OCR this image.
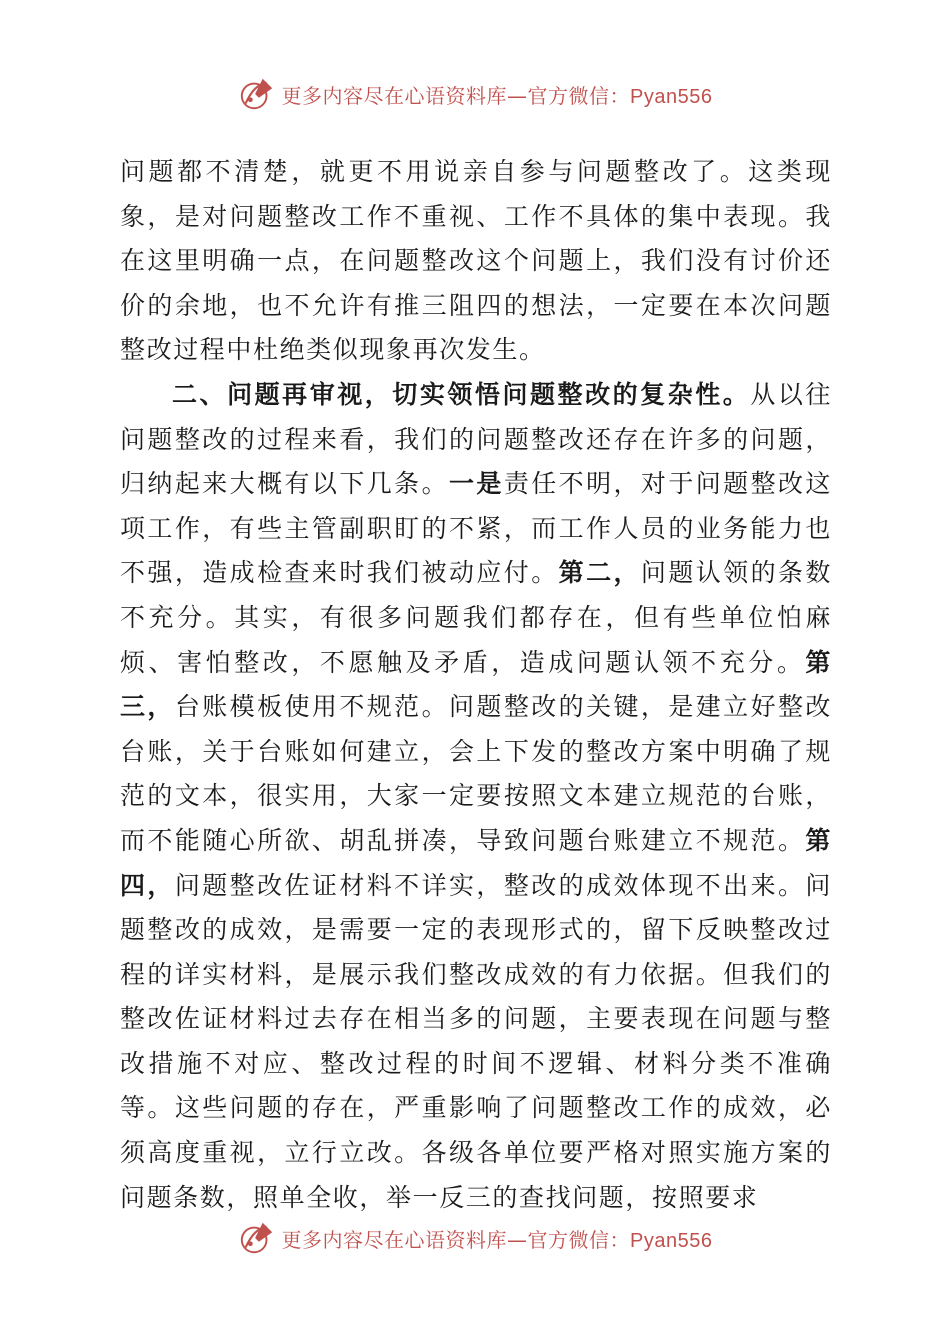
更多内容尽在心语资料库—官方微信：Pyan556

问题都不清楚，就更不用说亲自参与问题整改了。这类现象，是对问题整改工作不重视、工作不具体的集中表现。我在这里明确一点，在问题整改这个问题上，我们没有讨价还价的余地，也不允许有推三阻四的想法，一定要在本次问题整改过程中杜绝类似现象再次发生。

二、问题再审视，切实领悟问题整改的复杂性。从以往问题整改的过程来看，我们的问题整改还存在许多的问题，归纳起来大概有以下几条。一是责任不明，对于问题整改这项工作，有些主管副职盯的不紧，而工作人员的业务能力也不强，造成检查来时我们被动应付。第二，问题认领的条数不充分。其实，有很多问题我们都存在，但有些单位怕麻烦、害怕整改，不愿触及矛盾，造成问题认领不充分。第三，台账模板使用不规范。问题整改的关键，是建立好整改台账，关于台账如何建立，会上下发的整改方案中明确了规范的文本，很实用，大家一定要按照文本建立规范的台账，而不能随心所欲、胡乱拼凑，导致问题台账建立不规范。第四，问题整改佐证材料不详实，整改的成效体现不出来。问题整改的成效，是需要一定的表现形式的，留下反映整改过程的详实材料，是展示我们整改成效的有力依据。但我们的整改佐证材料过去存在相当多的问题，主要表现在问题与整改措施不对应、整改过程的时间不逻辑、材料分类不准确等。这些问题的存在，严重影响了问题整改工作的成效，必须高度重视，立行立改。各级各单位要严格对照实施方案的问题条数，照单全收，举一反三的查找问题，按照要求

更多内容尽在心语资料库—官方微信：Pyan556
